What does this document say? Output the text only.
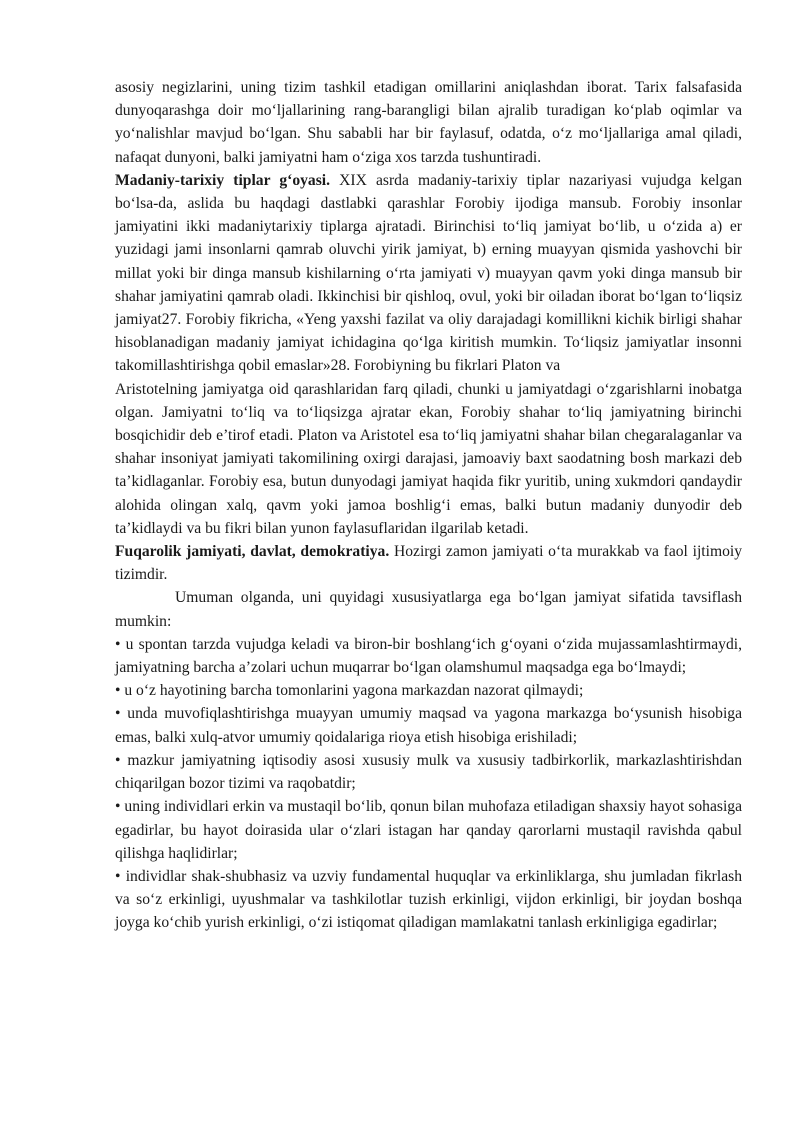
asosiy negizlarini, uning tizim tashkil etadigan omillarini aniqlashdan iborat. Tarix falsafasida dunyoqarashga doir mo‘ljallarining rang-barangligi bilan ajralib turadigan ko‘plab oqimlar va yo‘nalishlar mavjud bo‘lgan. Shu sababli har bir faylasuf, odatda, o‘z mo‘ljallariga amal qiladi, nafaqat dunyoni, balki jamiyatni ham o‘ziga xos tarzda tushuntiradi.

Madaniy-tarixiy tiplar g‘oyasi. XIX asrda madaniy-tarixiy tiplar nazariyasi vujudga kelgan bo‘lsa-da, aslida bu haqdagi dastlabki qarashlar Forobiy ijodiga mansub. Forobiy insonlar jamiyatini ikki madaniytarixiy tiplarga ajratadi. Birinchisi to‘liq jamiyat bo‘lib, u o‘zida a) er yuzidagi jami insonlarni qamrab oluvchi yirik jamiyat, b) erning muayyan qismida yashovchi bir millat yoki bir dinga mansub kishilarning o‘rta jamiyati v) muayyan qavm yoki dinga mansub bir shahar jamiyatini qamrab oladi. Ikkinchisi bir qishloq, ovul, yoki bir oiladan iborat bo‘lgan to‘liqsiz jamiyat27. Forobiy fikricha, «Yeng yaxshi fazilat va oliy darajadagi komillikni kichik birligi shahar hisoblanadigan madaniy jamiyat ichidagina qo‘lga kiritish mumkin. To‘liqsiz jamiyatlar insonni takomillashtirishga qobil emaslar»28. Forobiyning bu fikrlari Platon va

Aristotelning jamiyatga oid qarashlaridan farq qiladi, chunki u jamiyatdagi o‘zgarishlarni inobatga olgan. Jamiyatni to‘liq va to‘liqsizga ajratar ekan, Forobiy shahar to‘liq jamiyatning birinchi bosqichidir deb e’tirof etadi. Platon va Aristotel esa to‘liq jamiyatni shahar bilan chegaralaganlar va shahar insoniyat jamiyati takomilining oxirgi darajasi, jamoaviy baxt saodatning bosh markazi deb ta’kidlaganlar. Forobiy esa, butun dunyodagi jamiyat haqida fikr yuritib, uning xukmdori qandaydir alohida olingan xalq, qavm yoki jamoa boshlig‘i emas, balki butun madaniy dunyodir deb ta’kidlaydi va bu fikri bilan yunon faylasuflaridan ilgarilab ketadi.

Fuqarolik jamiyati, davlat, demokratiya. Hozirgi zamon jamiyati o‘ta murakkab va faol ijtimoiy tizimdir.

Umuman olganda, uni quyidagi xususiyatlarga ega bo‘lgan jamiyat sifatida tavsiflash mumkin:

• u spontan tarzda vujudga keladi va biron-bir boshlang‘ich g‘oyani o‘zida mujassamlashtirmaydi, jamiyatning barcha a’zolari uchun muqarrar bo‘lgan olamshumul maqsadga ega bo‘lmaydi;

• u o‘z hayotining barcha tomonlarini yagona markazdan nazorat qilmaydi;

• unda muvofiqlashtirishga muayyan umumiy maqsad va yagona markazga bo‘ysunish hisobiga emas, balki xulq-atvor umumiy qoidalariga rioya etish hisobiga erishiladi;

• mazkur jamiyatning iqtisodiy asosi xususiy mulk va xususiy tadbirkorlik, markazlashtirishdan chiqarilgan bozor tizimi va raqobatdir;

• uning individlari erkin va mustaqil bo‘lib, qonun bilan muhofaza etiladigan shaxsiy hayot sohasiga egadirlar, bu hayot doirasida ular o‘zlari istagan har qanday qarorlarni mustaqil ravishda qabul qilishga haqlidirlar;

• individlar shak-shubhasiz va uzviy fundamental huquqlar va erkinliklarga, shu jumladan fikrlash va so‘z erkinligi, uyushmalar va tashkilotlar tuzish erkinligi, vijdon erkinligi, bir joydan boshqa joyga ko‘chib yurish erkinligi, o‘zi istiqomat qiladigan mamlakatni tanlash erkinligiga egadirlar;
